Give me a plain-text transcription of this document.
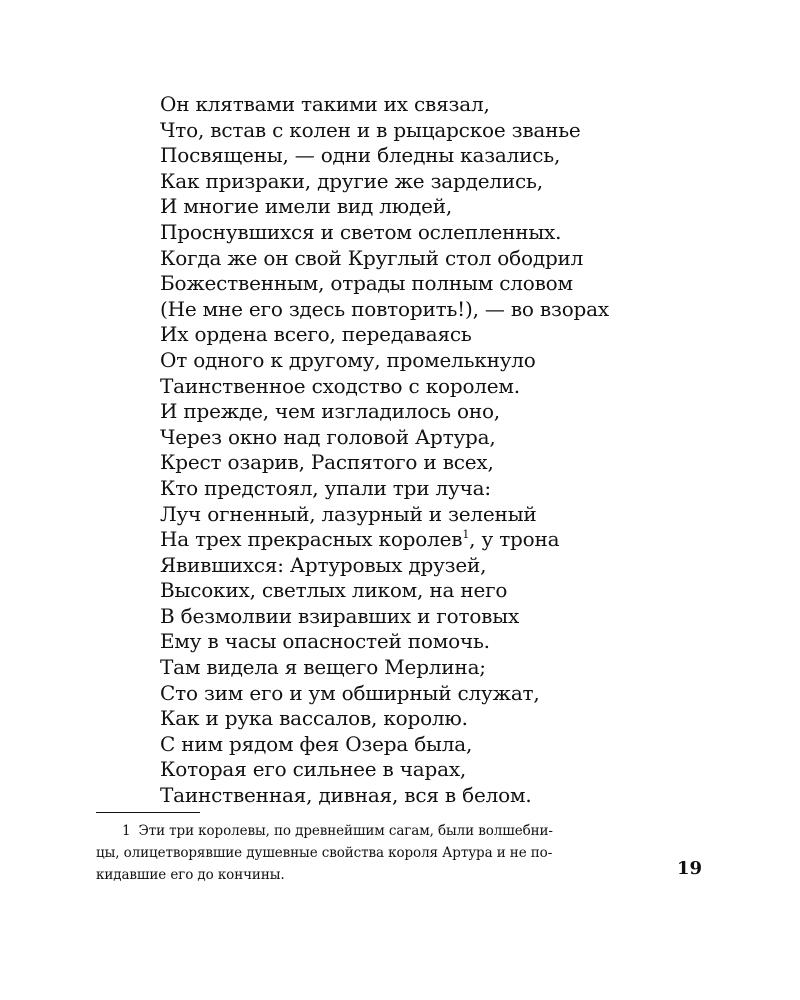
Он клятвами такими их связал,
Что, встав с колен и в рыцарское званье
Посвящены, — одни бледны казались,
Как призраки, другие же зарделись,
И многие имели вид людей,
Проснувшихся и светом ослепленных.
Когда же он свой Круглый стол ободрил
Божественным, отрады полным словом
(Не мне его здесь повторить!), — во взорах
Их ордена всего, передаваясь
От одного к другому, промелькнуло
Таинственное сходство с королем.
И прежде, чем изгладилось оно,
Через окно над головой Артура,
Крест озарив, Распятого и всех,
Кто предстоял, упали три луча:
Луч огненный, лазурный и зеленый
На трех прекрасных королев$^1$, у трона
Явившихся: Артуровых друзей,
Высоких, светлых ликом, на него
В безмолвии взиравших и готовых
Ему в часы опасностей помочь.
Там видела я вещего Мерлина;
Сто зим его и ум обширный служат,
Как и рука вассалов, королю.
С ним рядом фея Озера была,
Которая его сильнее в чарах,
Таинственная, дивная, вся в белом.

1 Эти три королевы, по древнейшим сагам, были волшебни-
цы, олицетворявшие душевные свойства короля Артура и не по-
кидавшие его до кончины.	19
